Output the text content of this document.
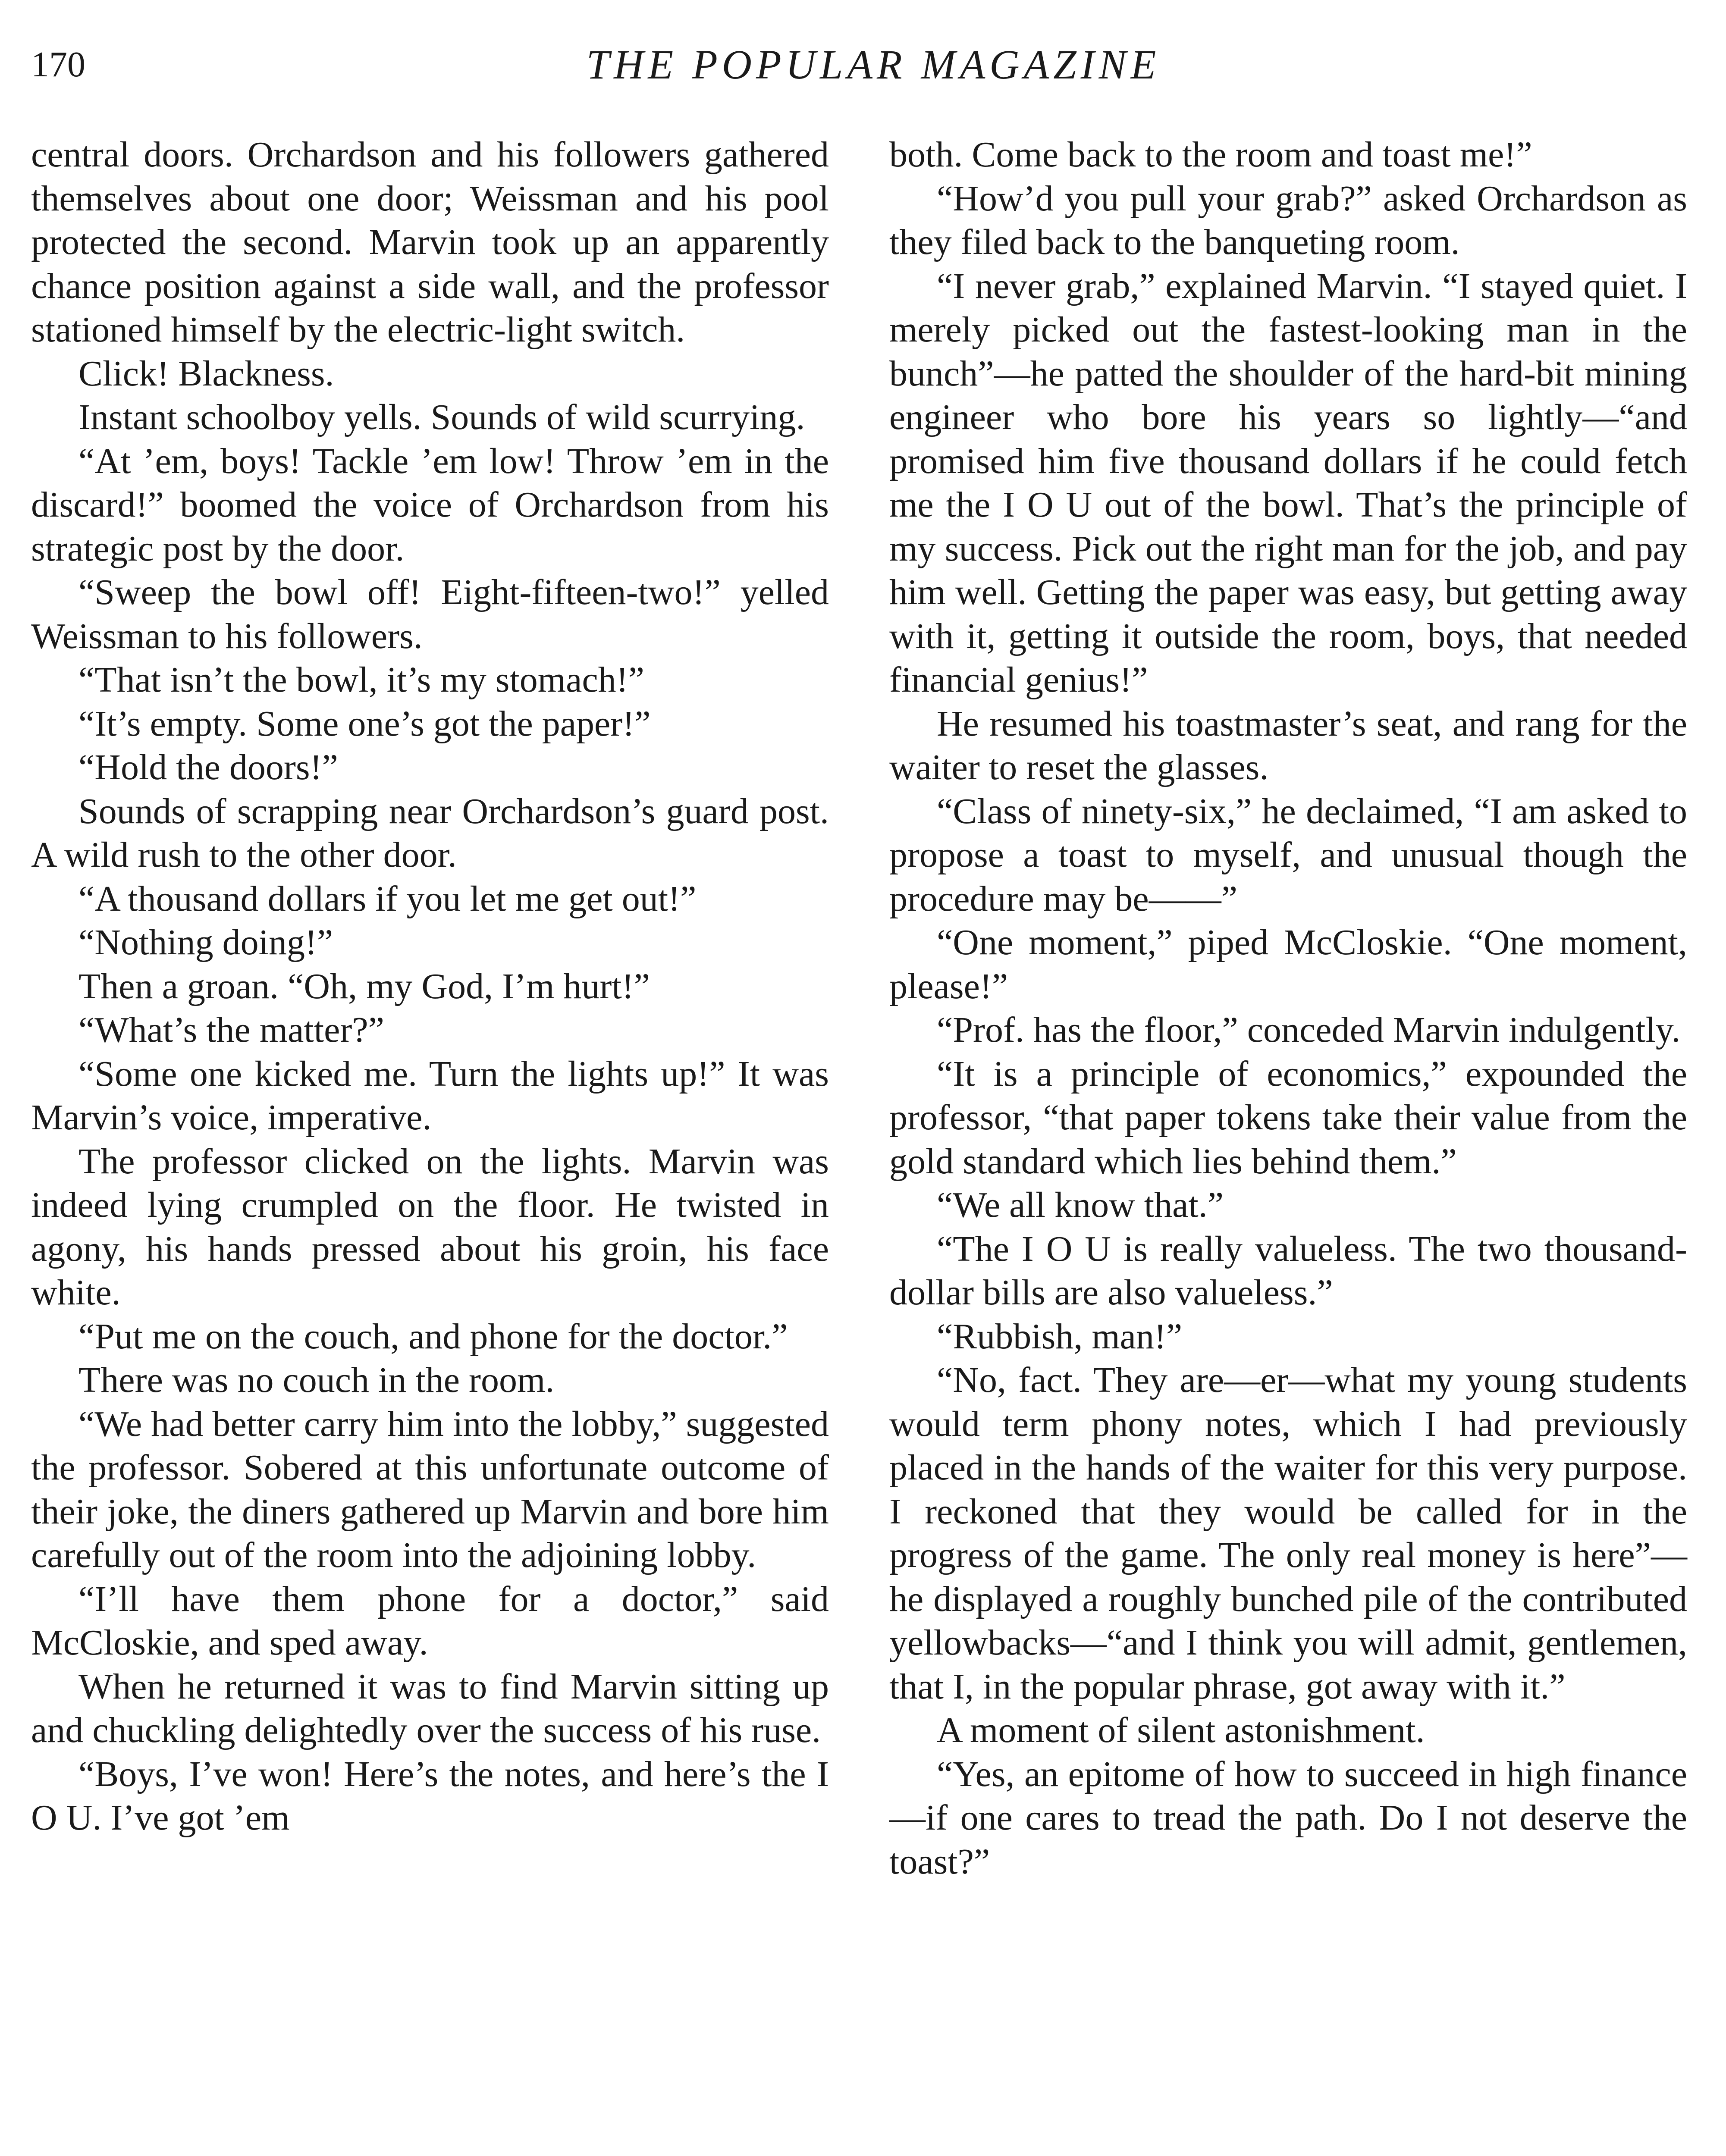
170	THE POPULAR MAGAZINE

central doors. Orchardson and his followers gathered themselves about one door; Weissman and his pool protected the second. Marvin took up an apparently chance position against a side wall, and the professor stationed himself by the electric-light switch.

Click! Blackness.

Instant schoolboy yells. Sounds of wild scurrying.

“At ’em, boys! Tackle ’em low! Throw ’em in the discard!” boomed the voice of Orchardson from his strategic post by the door.

“Sweep the bowl off! Eight-fifteen-two!” yelled Weissman to his followers.

“That isn’t the bowl, it’s my stomach!”

“It’s empty. Some one’s got the paper!”

“Hold the doors!”

Sounds of scrapping near Orchardson’s guard post. A wild rush to the other door.

“A thousand dollars if you let me get out!”

“Nothing doing!”

Then a groan. “Oh, my God, I’m hurt!”

“What’s the matter?”

“Some one kicked me. Turn the lights up!” It was Marvin’s voice, imperative.

The professor clicked on the lights. Marvin was indeed lying crumpled on the floor. He twisted in agony, his hands pressed about his groin, his face white.

“Put me on the couch, and phone for the doctor.”

There was no couch in the room.

“We had better carry him into the lobby,” suggested the professor. Sobered at this unfortunate outcome of their joke, the diners gathered up Marvin and bore him carefully out of the room into the adjoining lobby.

“I’ll have them phone for a doctor,” said McCloskie, and sped away.

When he returned it was to find Marvin sitting up and chuckling delightedly over the success of his ruse.

“Boys, I’ve won! Here’s the notes, and here’s the I O U. I’ve got ’em

both. Come back to the room and toast me!”

“How’d you pull your grab?” asked Orchardson as they filed back to the banqueting room.

“I never grab,” explained Marvin. “I stayed quiet. I merely picked out the fastest-looking man in the bunch”—he patted the shoulder of the hard-bit mining engineer who bore his years so lightly—“and promised him five thousand dollars if he could fetch me the I O U out of the bowl. That’s the principle of my success. Pick out the right man for the job, and pay him well. Getting the paper was easy, but getting away with it, getting it outside the room, boys, that needed financial genius!”

He resumed his toastmaster’s seat, and rang for the waiter to reset the glasses.

“Class of ninety-six,” he declaimed, “I am asked to propose a toast to myself, and unusual though the procedure may be——”

“One moment,” piped McCloskie. “One moment, please!”

“Prof. has the floor,” conceded Marvin indulgently.

“It is a principle of economics,” expounded the professor, “that paper tokens take their value from the gold standard which lies behind them.”

“We all know that.”

“The I O U is really valueless. The two thousand-dollar bills are also valueless.”

“Rubbish, man!”

“No, fact. They are—er—what my young students would term phony notes, which I had previously placed in the hands of the waiter for this very purpose. I reckoned that they would be called for in the progress of the game. The only real money is here”—he displayed a roughly bunched pile of the contributed yellowbacks—“and I think you will admit, gentlemen, that I, in the popular phrase, got away with it.”

A moment of silent astonishment.

“Yes, an epitome of how to succeed in high finance—if one cares to tread the path. Do I not deserve the toast?”
